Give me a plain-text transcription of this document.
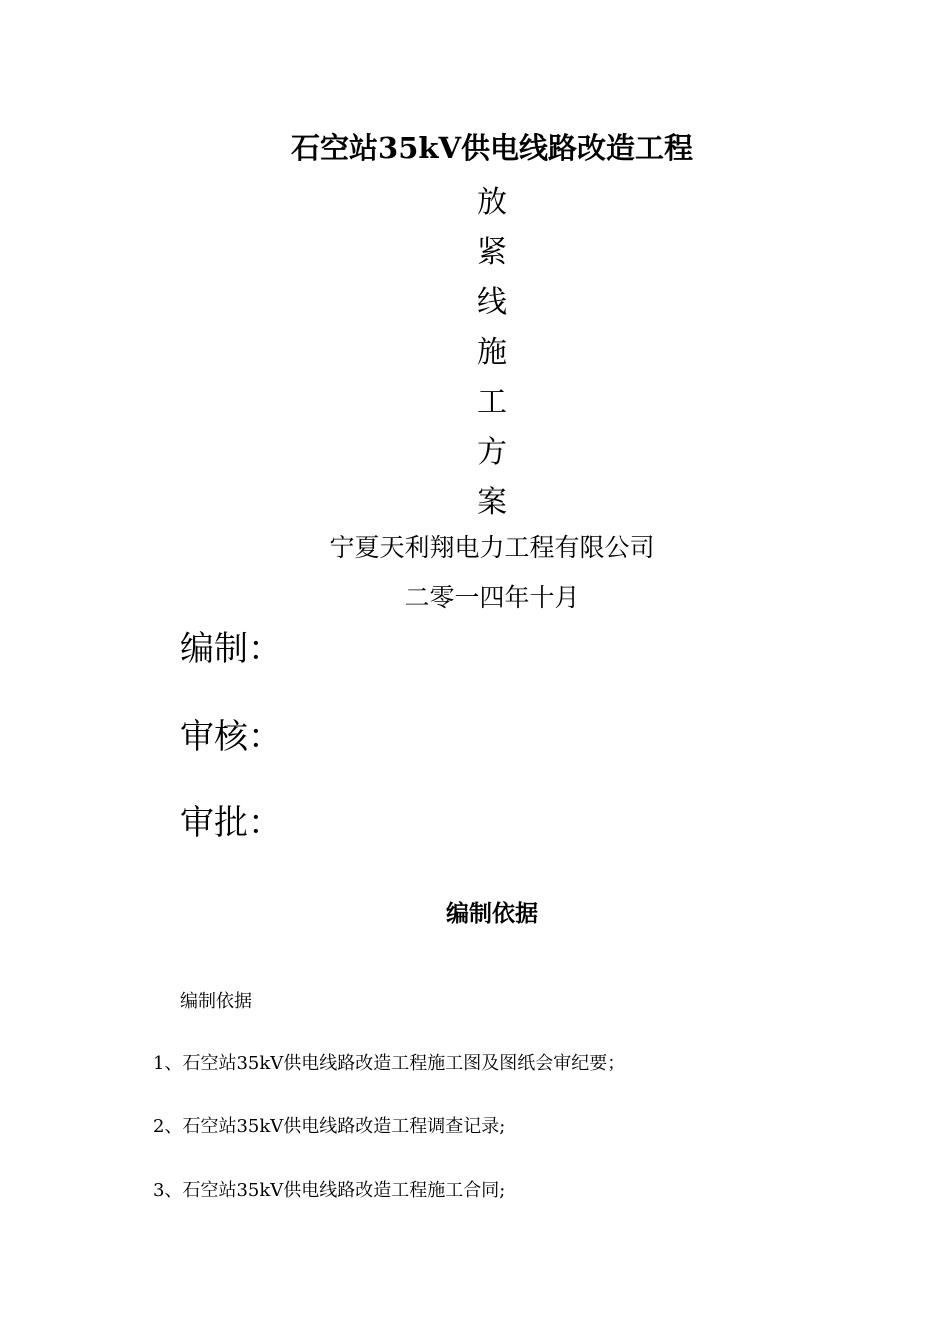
石空站35kV供电线路改造工程
放
紧
线
施
工
方
案
宁夏天利翔电力工程有限公司
二零一四年十月
编制：
审核：
审批：
编制依据
编制依据
1、石空站35kV供电线路改造工程施工图及图纸会审纪要；
2、石空站35kV供电线路改造工程调查记录;
3、石空站35kV供电线路改造工程施工合同;
